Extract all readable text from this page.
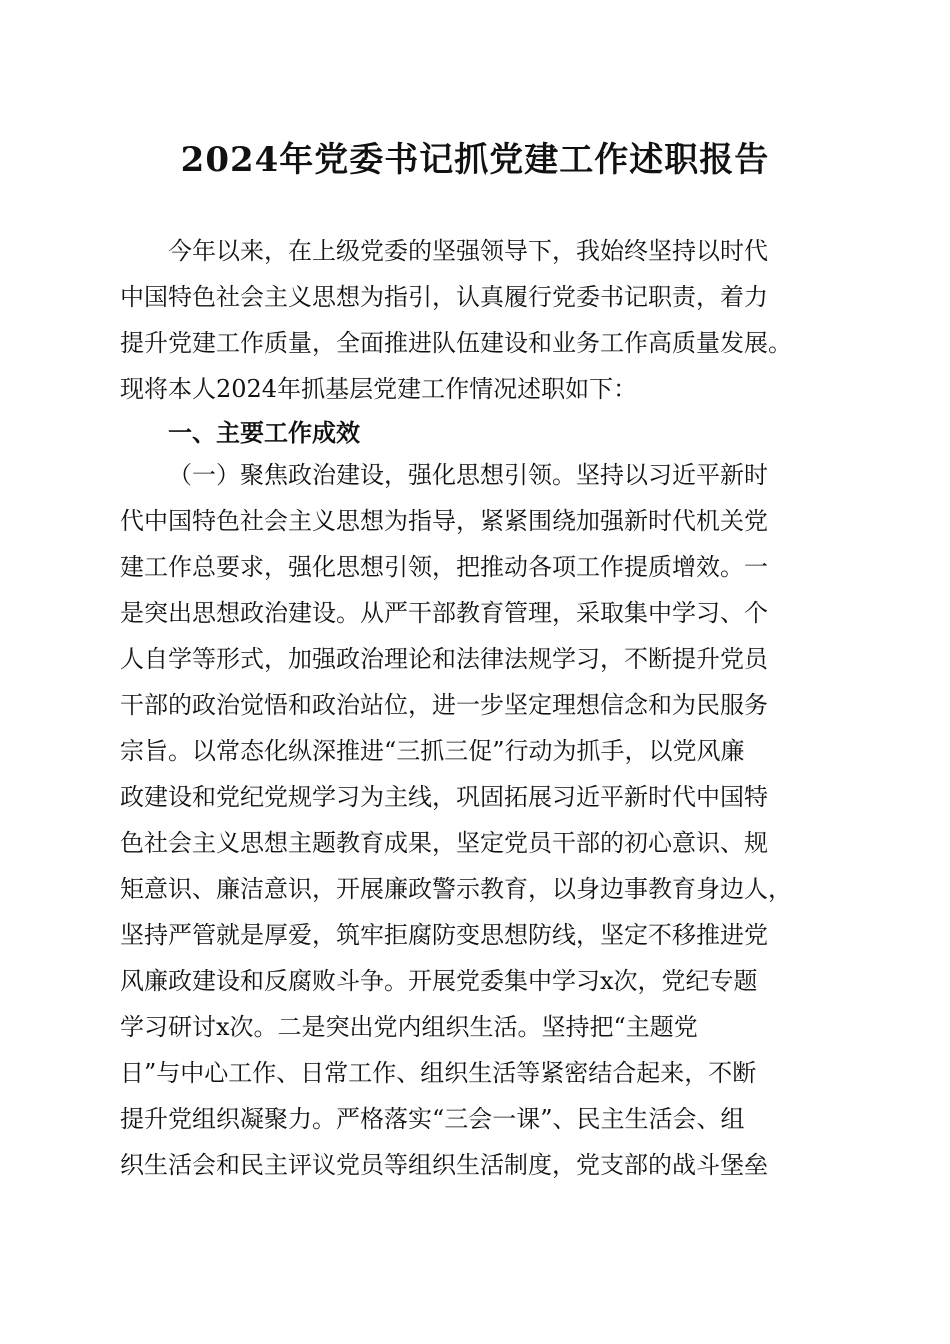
2024年党委书记抓党建工作述职报告
今年以来，在上级党委的坚强领导下，我始终坚持以时代
中国特色社会主义思想为指引，认真履行党委书记职责，着力
提升党建工作质量，全面推进队伍建设和业务工作高质量发展。
现将本人2024年抓基层党建工作情况述职如下：
一、主要工作成效
（一）聚焦政治建设，强化思想引领。坚持以习近平新时
代中国特色社会主义思想为指导，紧紧围绕加强新时代机关党
建工作总要求，强化思想引领，把推动各项工作提质增效。一
是突出思想政治建设。从严干部教育管理，采取集中学习、个
人自学等形式，加强政治理论和法律法规学习，不断提升党员
干部的政治觉悟和政治站位，进一步坚定理想信念和为民服务
宗旨。以常态化纵深推进“三抓三促”行动为抓手，以党风廉
政建设和党纪党规学习为主线，巩固拓展习近平新时代中国特
色社会主义思想主题教育成果，坚定党员干部的初心意识、规
矩意识、廉洁意识，开展廉政警示教育，以身边事教育身边人，
坚持严管就是厚爱，筑牢拒腐防变思想防线，坚定不移推进党
风廉政建设和反腐败斗争。开展党委集中学习x次，党纪专题
学习研讨x次。二是突出党内组织生活。坚持把“主题党
日”与中心工作、日常工作、组织生活等紧密结合起来，不断
提升党组织凝聚力。严格落实“三会一课”、民主生活会、组
织生活会和民主评议党员等组织生活制度，党支部的战斗堡垒
